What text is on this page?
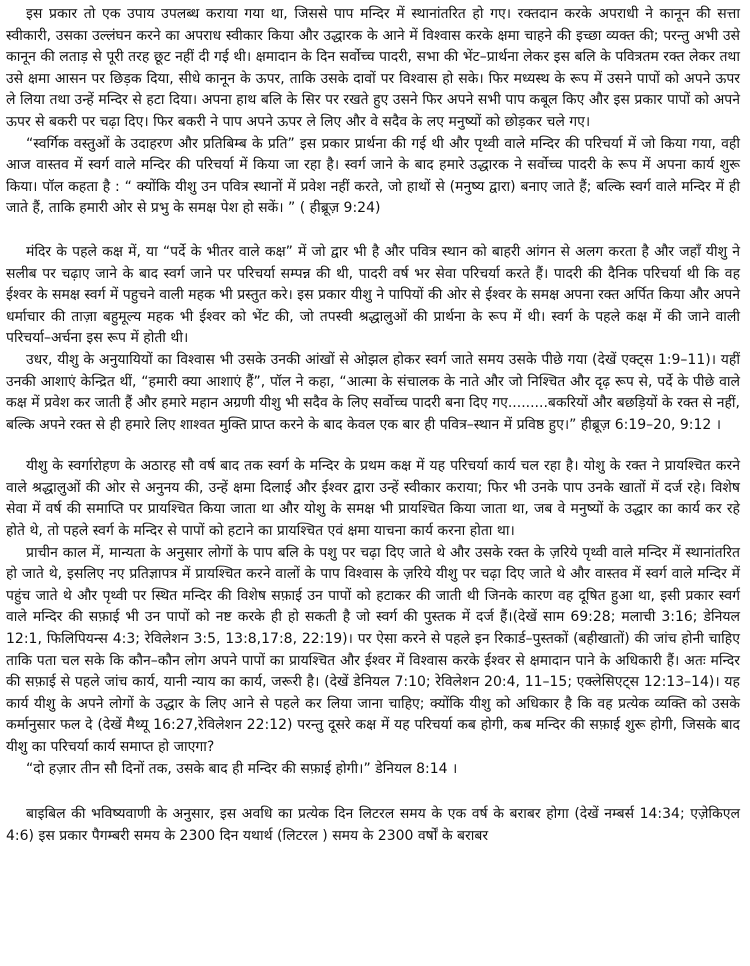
इस प्रकार तो एक उपाय उपलब्ध कराया गया था, जिससे पाप मन्दिर में स्थानांतरित हो गए। रक्तदान करके अपराधी ने कानून की सत्ता स्वीकारी, उसका उल्लंघन करने का अपराध स्वीकार किया और उद्धारक के आने में विश्वास करके क्षमा चाहने की इच्छा व्यक्त की; परन्तु अभी उसे कानून की लताड़ से पूरी तरह छूट नहीं दी गई थी। क्षमादान के दिन सर्वोच्च पादरी, सभा की भेंट–प्रार्थना लेकर इस बलि के पवित्रतम रक्त लेकर तथा उसे क्षमा आसन पर छिड़क दिया, सीधे कानून के ऊपर, ताकि उसके दावों पर विश्वास हो सके। फिर मध्यस्थ के रूप में उसने पापों को अपने ऊपर ले लिया तथा उन्हें मन्दिर से हटा दिया। अपना हाथ बलि के सिर पर रखते हुए उसने फिर अपने सभी पाप कबूल किए और इस प्रकार पापों को अपने ऊपर से बकरी पर चढ़ा दिए। फिर बकरी ने पाप अपने ऊपर ले लिए और वे सदैव के लए मनुष्यों को छोड़कर चले गए।

“स्वर्गिक वस्तुओं के उदाहरण और प्रतिबिम्ब के प्रति” इस प्रकार प्रार्थना की गई थी और पृथ्वी वाले मन्दिर की परिचर्या में जो किया गया, वही आज वास्तव में स्वर्ग वाले मन्दिर की परिचर्या में किया जा रहा है। स्वर्ग जाने के बाद हमारे उद्धारक ने सर्वोच्च पादरी के रूप में अपना कार्य शुरू किया। पॉल कहता है : “ क्योंकि यीशु उन पवित्र स्थानों में प्रवेश नहीं करते, जो हाथों से (मनुष्य द्वारा) बनाए जाते हैं; बल्कि स्वर्ग वाले मन्दिर में ही जाते हैं, ताकि हमारी ओर से प्रभु के समक्ष पेश हो सकें। ” ( हीब्रूज़ 9:24)

मंदिर के पहले कक्ष में, या “पर्दे के भीतर वाले कक्ष” में जो द्वार भी है और पवित्र स्थान को बाहरी आंगन से अलग करता है और जहाँ यीशु ने सलीब पर चढ़ाए जाने के बाद स्वर्ग जाने पर परिचर्या सम्पन्न की थी, पादरी वर्ष भर सेवा परिचर्या करते हैं। पादरी की दैनिक परिचर्या थी कि वह ईश्वर के समक्ष स्वर्ग में पहुचने वाली महक भी प्रस्तुत करे। इस प्रकार यीशु ने पापियों की ओर से ईश्वर के समक्ष अपना रक्त अर्पित किया और अपने धर्माचार की ताज़ा बहुमूल्य महक भी ईश्वर को भेंट की, जो तपस्वी श्रद्धालुओं की प्रार्थना के रूप में थी। स्वर्ग के पहले कक्ष में की जाने वाली परिचर्या–अर्चना इस रूप में होती थी।

उधर, यीशु के अनुयायियों का विश्वास भी उसके उनकी आंखों से ओझल होकर स्वर्ग जाते समय उसके पीछे गया (देखें एक्ट्स 1:9–11)। यहीं उनकी आशाएं केन्द्रित थीं, “हमारी क्या आशाएं हैं”, पॉल ने कहा, “आत्मा के संचालक के नाते और जो निश्चित और दृढ़ रूप से, पर्दे के पीछे वाले कक्ष में प्रवेश कर जाती हैं और हमारे महान अग्रणी यीशु भी सदैव के लिए सर्वोच्च पादरी बना दिए गए.........बकरियों और बछड़ियों के रक्त से नहीं, बल्कि अपने रक्त से ही हमारे लिए शाश्वत मुक्ति प्राप्त करने के बाद केवल एक बार ही पवित्र–स्थान में प्रविष्ठ हुए।” हीब्रूज़ 6:19–20, 9:12 ।

यीशु के स्वर्गारोहण के अठारह सौ वर्ष बाद तक स्वर्ग के मन्दिर के प्रथम कक्ष में यह परिचर्या कार्य चल रहा है। योशु के रक्त ने प्रायश्चित करने वाले श्रद्धालुओं की ओर से अनुनय की, उन्हें क्षमा दिलाई और ईश्वर द्वारा उन्हें स्वीकार कराया; फिर भी उनके पाप उनके खातों में दर्ज रहे। विशेष सेवा में वर्ष की समाप्ति पर प्रायश्चित किया जाता था और योशु के समक्ष भी प्रायश्चित किया जाता था, जब वे मनुष्यों के उद्धार का कार्य कर रहे होते थे, तो पहले स्वर्ग के मन्दिर से पापों को हटाने का प्रायश्चित एवं क्षमा याचना कार्य करना होता था।

प्राचीन काल में, मान्यता के अनुसार लोगों के पाप बलि के पशु पर चढ़ा दिए जाते थे और उसके रक्त के ज़रिये पृथ्वी वाले मन्दिर में स्थानांतरित हो जाते थे, इसलिए नए प्रतिज्ञापत्र में प्रायश्चित करने वालों के पाप विश्वास के ज़रिये यीशु पर चढ़ा दिए जाते थे और वास्तव में स्वर्ग वाले मन्दिर में पहुंच जाते थे और पृथ्वी पर स्थित मन्दिर की विशेष सफ़ाई उन पापों को हटाकर की जाती थी जिनके कारण वह दूषित हुआ था, इसी प्रकार स्वर्ग वाले मन्दिर की सफ़ाई भी उन पापों को नष्ट करके ही हो सकती है जो स्वर्ग की पुस्तक में दर्ज हैं।(देखें साम 69:28; मलाची 3:16; डेनियल 12:1, फिलिपियन्स 4:3; रेविलेशन 3:5, 13:8,17:8, 22:19)। पर ऐसा करने से पहले इन रिकार्ड–पुस्तकों (बहीखातों) की जांच होनी चाहिए ताकि पता चल सके कि कौन–कौन लोग अपने पापों का प्रायश्चित और ईश्वर में विश्वास करके ईश्वर से क्षमादान पाने के अधिकारी हैं। अतः मन्दिर की सफ़ाई से पहले जांच कार्य, यानी न्याय का कार्य, जरूरी है। (देखें डेनियल 7:10; रेविलेशन 20:4, 11–15; एक्लेसिएट्स 12:13–14)। यह कार्य यीशु के अपने लोगों के उद्धार के लिए आने से पहले कर लिया जाना चाहिए; क्योंकि यीशु को अधिकार है कि वह प्रत्येक व्यक्ति को उसके कर्मानुसार फल दे (देखें मैथ्यू 16:27,रेविलेशन 22:12) परन्तु दूसरे कक्ष में यह परिचर्या कब होगी, कब मन्दिर की सफ़ाई शुरू होगी, जिसके बाद यीशु का परिचर्या कार्य समाप्त हो जाएगा?

“दो हज़ार तीन सौ दिनों तक, उसके बाद ही मन्दिर की सफ़ाई होगी।” डेनियल 8:14 ।

बाइबिल की भविष्यवाणी के अनुसार, इस अवधि का प्रत्येक दिन लिटरल समय के एक वर्ष के बराबर होगा (देखें नम्बर्स 14:34; एज़ेकिएल 4:6) इस प्रकार पैगम्बरी समय के 2300 दिन यथार्थ (लिटरल ) समय के 2300 वर्षों के बराबर
